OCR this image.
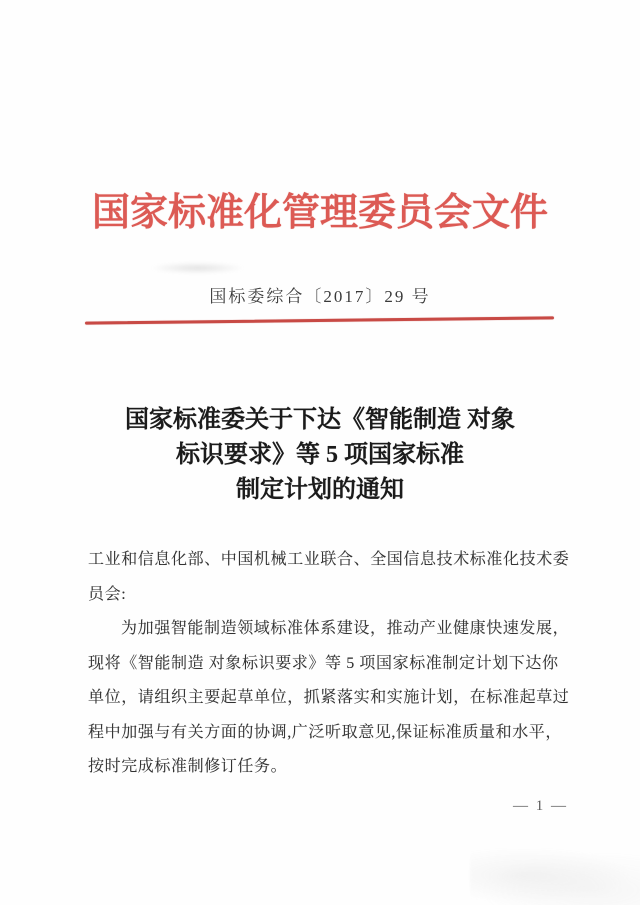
国家标准化管理委员会文件
国标委综合〔2017〕29 号
国家标准委关于下达《智能制造 对象
标识要求》等 5 项国家标准
制定计划的通知
工业和信息化部、中国机械工业联合、全国信息技术标准化技术委
员会:
为加强智能制造领域标准体系建设，推动产业健康快速发展，
现将《智能制造 对象标识要求》等 5 项国家标准制定计划下达你
单位，请组织主要起草单位，抓紧落实和实施计划，在标准起草过
程中加强与有关方面的协调,广泛听取意见,保证标准质量和水平，
按时完成标准制修订任务。
— 1 —
